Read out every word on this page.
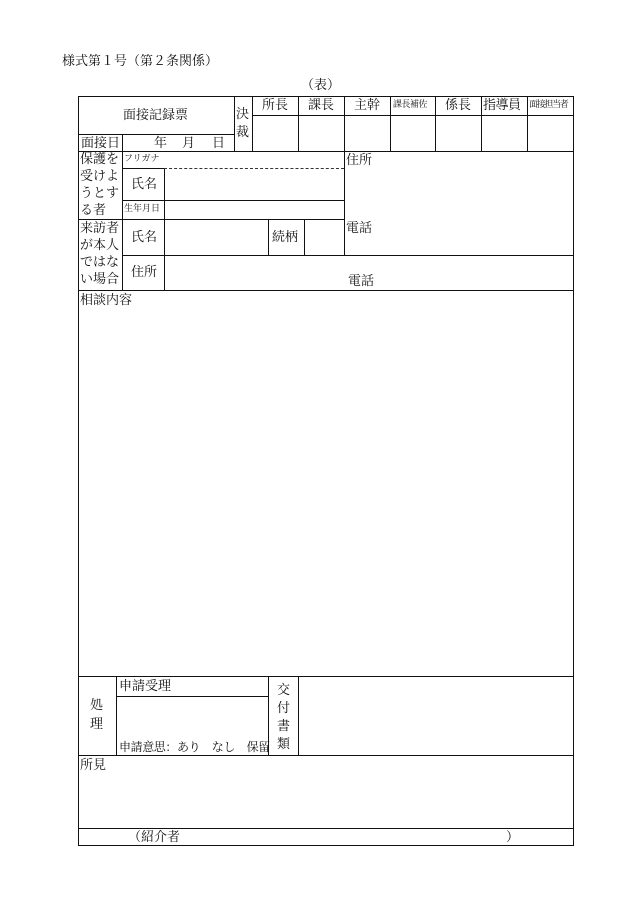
様式第１号（第２条関係）
（表）
面接記録票
面接日	年 月 日
決
裁
所長 課長 主幹 課長補佐 係長 指導員 面接担当者
保護を
受けよ
うとす
る者
フリガナ
氏名
生年月日
住所
電話
来訪者
が本人
ではな
い場合
氏名	続柄
住所
電話
相談内容
処
理
申請受理
申請意思：あり　なし　保留
交
付
書
類
所見
（紹介者	）
